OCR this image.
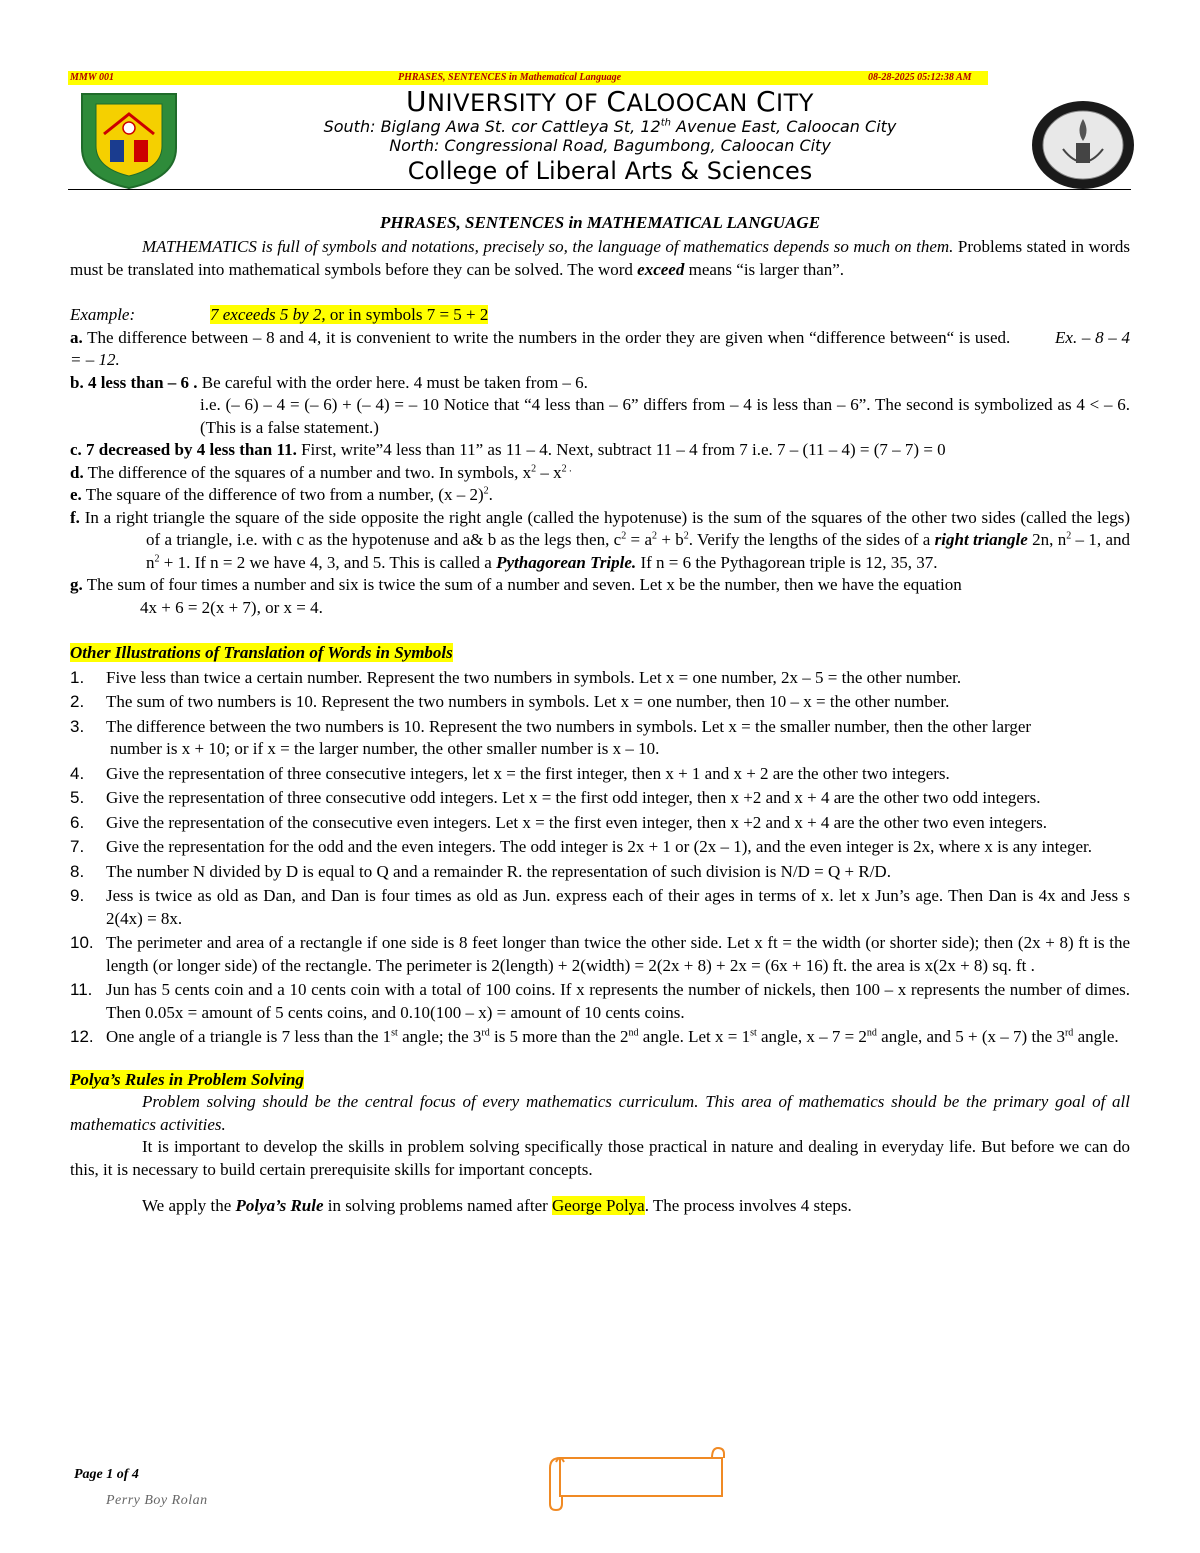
MMW 001	PHRASES, SENTENCES in Mathematical Language	08-28-2025 05:12:38 AM
UNIVERSITY OF CALOOCAN CITY
South: Biglang Awa St. cor Cattleya St, 12th Avenue East, Caloocan City
North: Congressional Road, Bagumbong, Caloocan City
College of Liberal Arts & Sciences
PHRASES, SENTENCES in MATHEMATICAL LANGUAGE

MATHEMATICS is full of symbols and notations, precisely so, the language of mathematics depends so much on them. Problems stated in words must be translated into mathematical symbols before they can be solved. The word exceed means “is larger than”.

Example:	7 exceeds 5 by 2, or in symbols 7 = 5 + 2

a. The difference between – 8 and 4, it is convenient to write the numbers in the order they are given when “difference between“ is used.	Ex. – 8 – 4 = – 12.

b. 4 less than – 6 . Be careful with the order here. 4 must be taken from – 6.

i.e. (– 6) – 4 = (– 6) + (– 4) = – 10 Notice that “4 less than – 6” differs from – 4 is less than – 6”. The second is symbolized as 4 < – 6. (This is a false statement.)

c. 7 decreased by 4 less than 11. First, write”4 less than 11” as 11 – 4. Next, subtract 11 – 4 from 7 i.e. 7 – (11 – 4) = (7 – 7) = 0

d. The difference of the squares of a number and two. In symbols, $x^2 - x^{2 .}$

e. The square of the difference of two from a number, (x – 2)$^2$.

f. In a right triangle the square of the side opposite the right angle (called the hypotenuse) is the sum of the squares of the other two sides (called the legs) of a triangle, i.e. with c as the hypotenuse and a& b as the legs then, $c^2 = a^2 + b^2$. Verify the lengths of the sides of a right triangle 2n, $n^2 - 1$, and $n^2 + 1$. If n = 2 we have 4, 3, and 5. This is called a Pythagorean Triple. If n = 6 the Pythagorean triple is 12, 35, 37.

g. The sum of four times a number and six is twice the sum of a number and seven. Let x be the number, then we have the equation

4x + 6 = 2(x + 7), or x = 4.

Other Illustrations of Translation of Words in Symbols

1. Five less than twice a certain number. Represent the two numbers in symbols. Let x = one number, 2x – 5 = the other number.
2. The sum of two numbers is 10. Represent the two numbers in symbols. Let x = one number, then 10 – x = the other number.
3. The difference between the two numbers is 10. Represent the two numbers in symbols. Let x = the smaller number, then the other larger
number is x + 10; or if x = the larger number, the other smaller number is x – 10.
4. Give the representation of three consecutive integers, let x = the first integer, then x + 1 and x + 2 are the other two integers.
5. Give the representation of three consecutive odd integers. Let x = the first odd integer, then x +2 and x + 4 are the other two odd integers.
6. Give the representation of the consecutive even integers. Let x = the first even integer, then x +2 and x + 4 are the other two even integers.
7. Give the representation for the odd and the even integers. The odd integer is 2x + 1 or (2x – 1), and the even integer is 2x, where x is any integer.
8. The number N divided by D is equal to Q and a remainder R. the representation of such division is N/D = Q + R/D.
9. Jess is twice as old as Dan, and Dan is four times as old as Jun. express each of their ages in terms of x. let x Jun’s age. Then Dan is 4x and Jess s 2(4x) = 8x.
10. The perimeter and area of a rectangle if one side is 8 feet longer than twice the other side. Let x ft = the width (or shorter side); then (2x + 8) ft is the length (or longer side) of the rectangle. The perimeter is 2(length) + 2(width) = 2(2x + 8) + 2x = (6x + 16) ft. the area is x(2x + 8) sq. ft .
11. Jun has 5 cents coin and a 10 cents coin with a total of 100 coins. If x represents the number of nickels, then 100 – x represents the number of dimes. Then 0.05x = amount of 5 cents coins, and 0.10(100 – x) = amount of 10 cents coins.
12. One angle of a triangle is 7 less than the 1st angle; the 3rd is 5 more than the 2nd angle. Let x = 1st angle, x – 7 = 2nd angle, and 5 + (x – 7) the 3rd angle.

Polya’s Rules in Problem Solving

Problem solving should be the central focus of every mathematics curriculum. This area of mathematics should be the primary goal of all mathematics activities.

It is important to develop the skills in problem solving specifically those practical in nature and dealing in everyday life. But before we can do this, it is necessary to build certain prerequisite skills for important concepts.

We apply the Polya’s Rule in solving problems named after George Polya. The process involves 4 steps.

Page 1 of 4
Perry Boy Rolan
